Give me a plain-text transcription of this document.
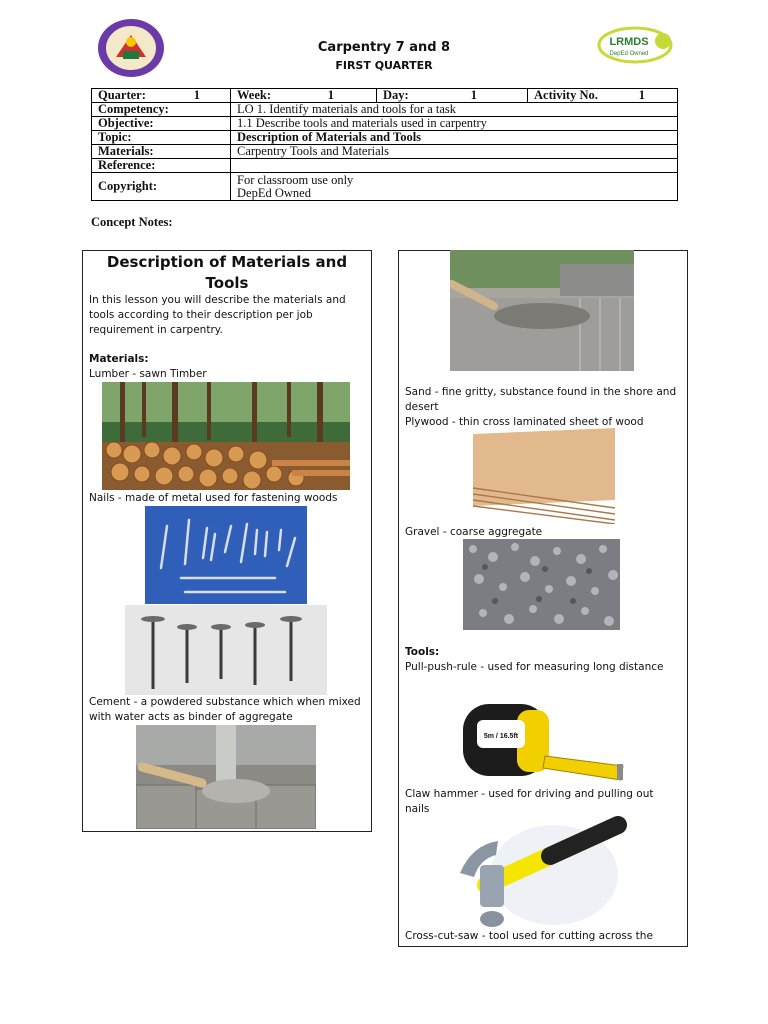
Carpentry 7 and 8
FIRST QUARTER
LRMDS
DepEd Owned
Quarter: 1	Week: 1	Day: 1	Activity No. 1

Competency:	LO 1. Identify materials and tools for a task		
Objective:	1.1 Describe tools and materials used in carpentry		
Topic:	Description of Materials and Tools		
Materials:	Carpentry Tools and Materials		
Reference:			
Copyright:	For classroom use only
DepEd Owned		
Concept Notes:
Description of Materials and Tools
In this lesson you will describe the materials and tools according to their description per job requirement in carpentry.
Materials:
Lumber - sawn Timber
Nails - made of metal used for fastening woods
Cement - a powdered substance which when mixed with water acts as binder of aggregate
Sand - fine gritty, substance found in the shore and desert
Plywood - thin cross laminated sheet of wood
Gravel - coarse aggregate
Tools:
Pull-push-rule - used for measuring long distance
5m / 16.5ft
Claw hammer - used for driving and pulling out nails
Cross-cut-saw - tool used for cutting across the
